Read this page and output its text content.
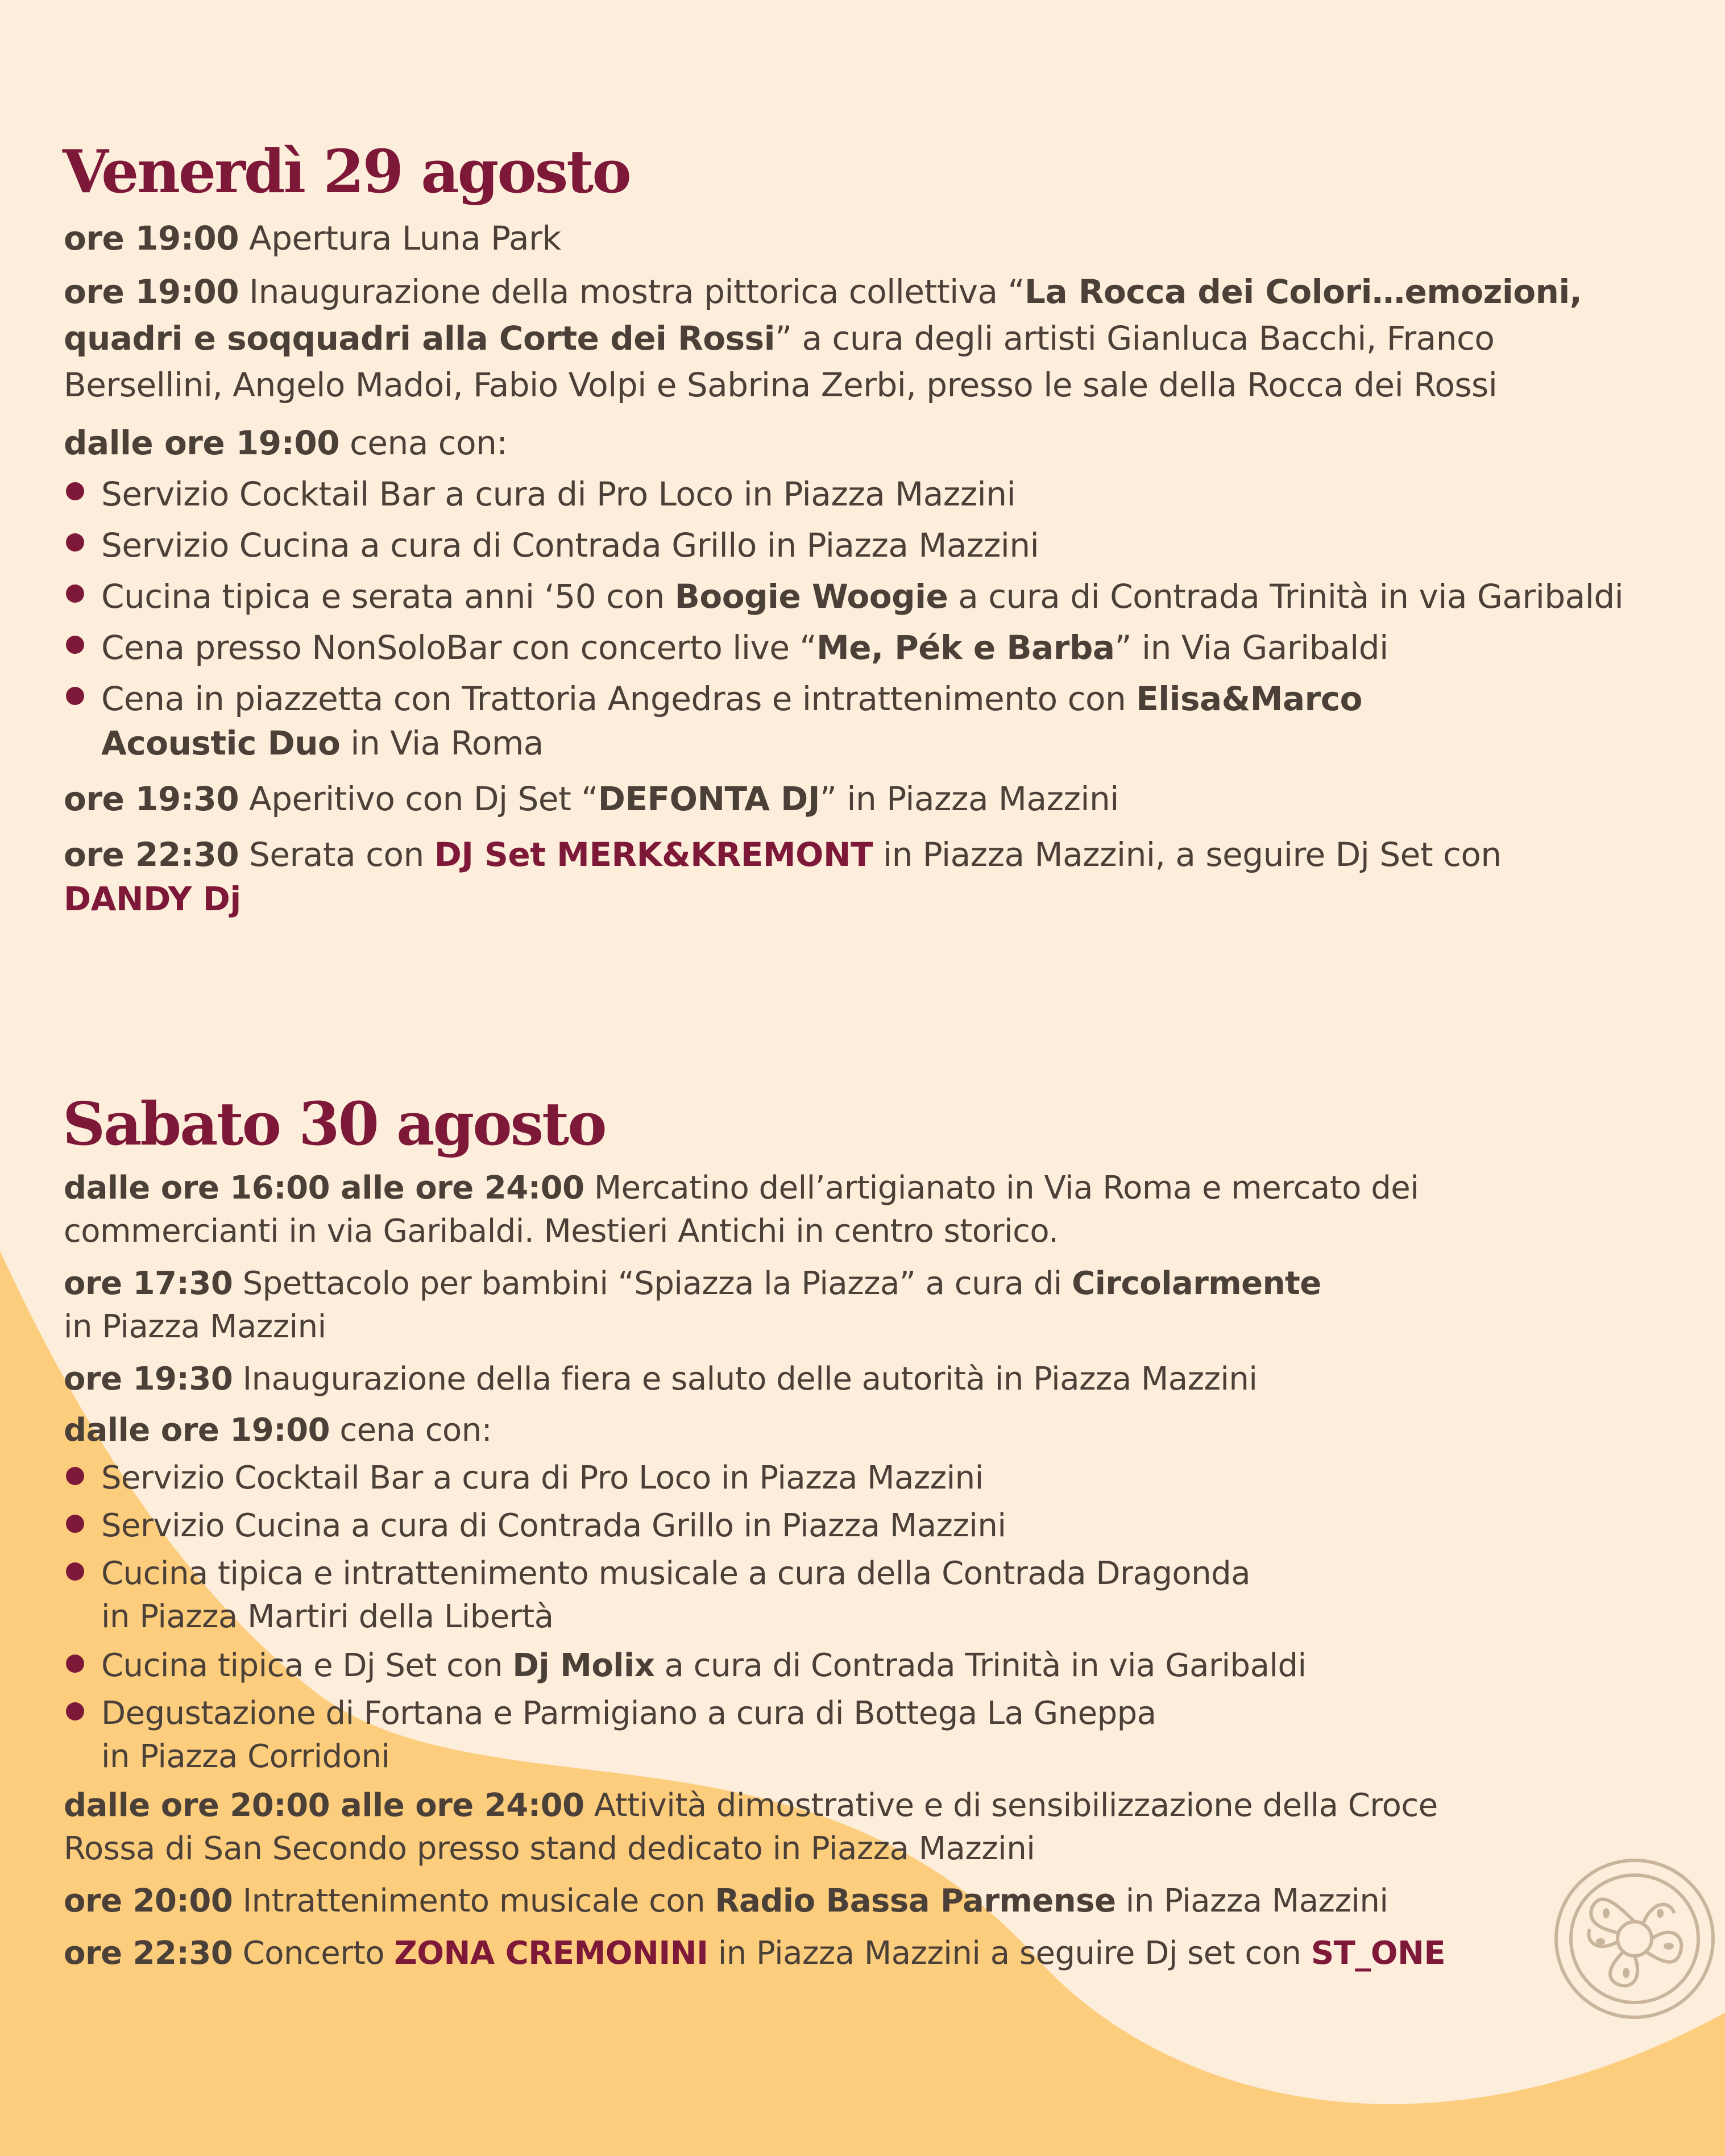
Venerdì 29 agosto

ore 19:00 Apertura Luna Park

ore 19:00 Inaugurazione della mostra pittorica collettiva “La Rocca dei Colori…emozioni,

quadri e soqquadri alla Corte dei Rossi” a cura degli artisti Gianluca Bacchi, Franco

Bersellini, Angelo Madoi, Fabio Volpi e Sabrina Zerbi, presso le sale della Rocca dei Rossi

dalle ore 19:00 cena con:

Servizio Cocktail Bar a cura di Pro Loco in Piazza Mazzini

Servizio Cucina a cura di Contrada Grillo in Piazza Mazzini

Cucina tipica e serata anni ‘50 con Boogie Woogie a cura di Contrada Trinità in via Garibaldi

Cena presso NonSoloBar con concerto live “Me, Pék e Barba” in Via Garibaldi

Cena in piazzetta con Trattoria Angedras e intrattenimento con Elisa&Marco

Acoustic Duo in Via Roma

ore 19:30 Aperitivo con Dj Set “DEFONTA DJ” in Piazza Mazzini

ore 22:30 Serata con DJ Set MERK&KREMONT in Piazza Mazzini, a seguire Dj Set con

DANDY Dj

Sabato 30 agosto

dalle ore 16:00 alle ore 24:00 Mercatino dell’artigianato in Via Roma e mercato dei

commercianti in via Garibaldi. Mestieri Antichi in centro storico.

ore 17:30 Spettacolo per bambini “Spiazza la Piazza” a cura di Circolarmente

in Piazza Mazzini

ore 19:30 Inaugurazione della fiera e saluto delle autorità in Piazza Mazzini

dalle ore 19:00 cena con:

Servizio Cocktail Bar a cura di Pro Loco in Piazza Mazzini

Servizio Cucina a cura di Contrada Grillo in Piazza Mazzini

Cucina tipica e intrattenimento musicale a cura della Contrada Dragonda

in Piazza Martiri della Libertà

Cucina tipica e Dj Set con Dj Molix a cura di Contrada Trinità in via Garibaldi

Degustazione di Fortana e Parmigiano a cura di Bottega La Gneppa

in Piazza Corridoni

dalle ore 20:00 alle ore 24:00 Attività dimostrative e di sensibilizzazione della Croce

Rossa di San Secondo presso stand dedicato in Piazza Mazzini

ore 20:00 Intrattenimento musicale con Radio Bassa Parmense in Piazza Mazzini

ore 22:30 Concerto ZONA CREMONINI in Piazza Mazzini a seguire Dj set con ST_ONE
